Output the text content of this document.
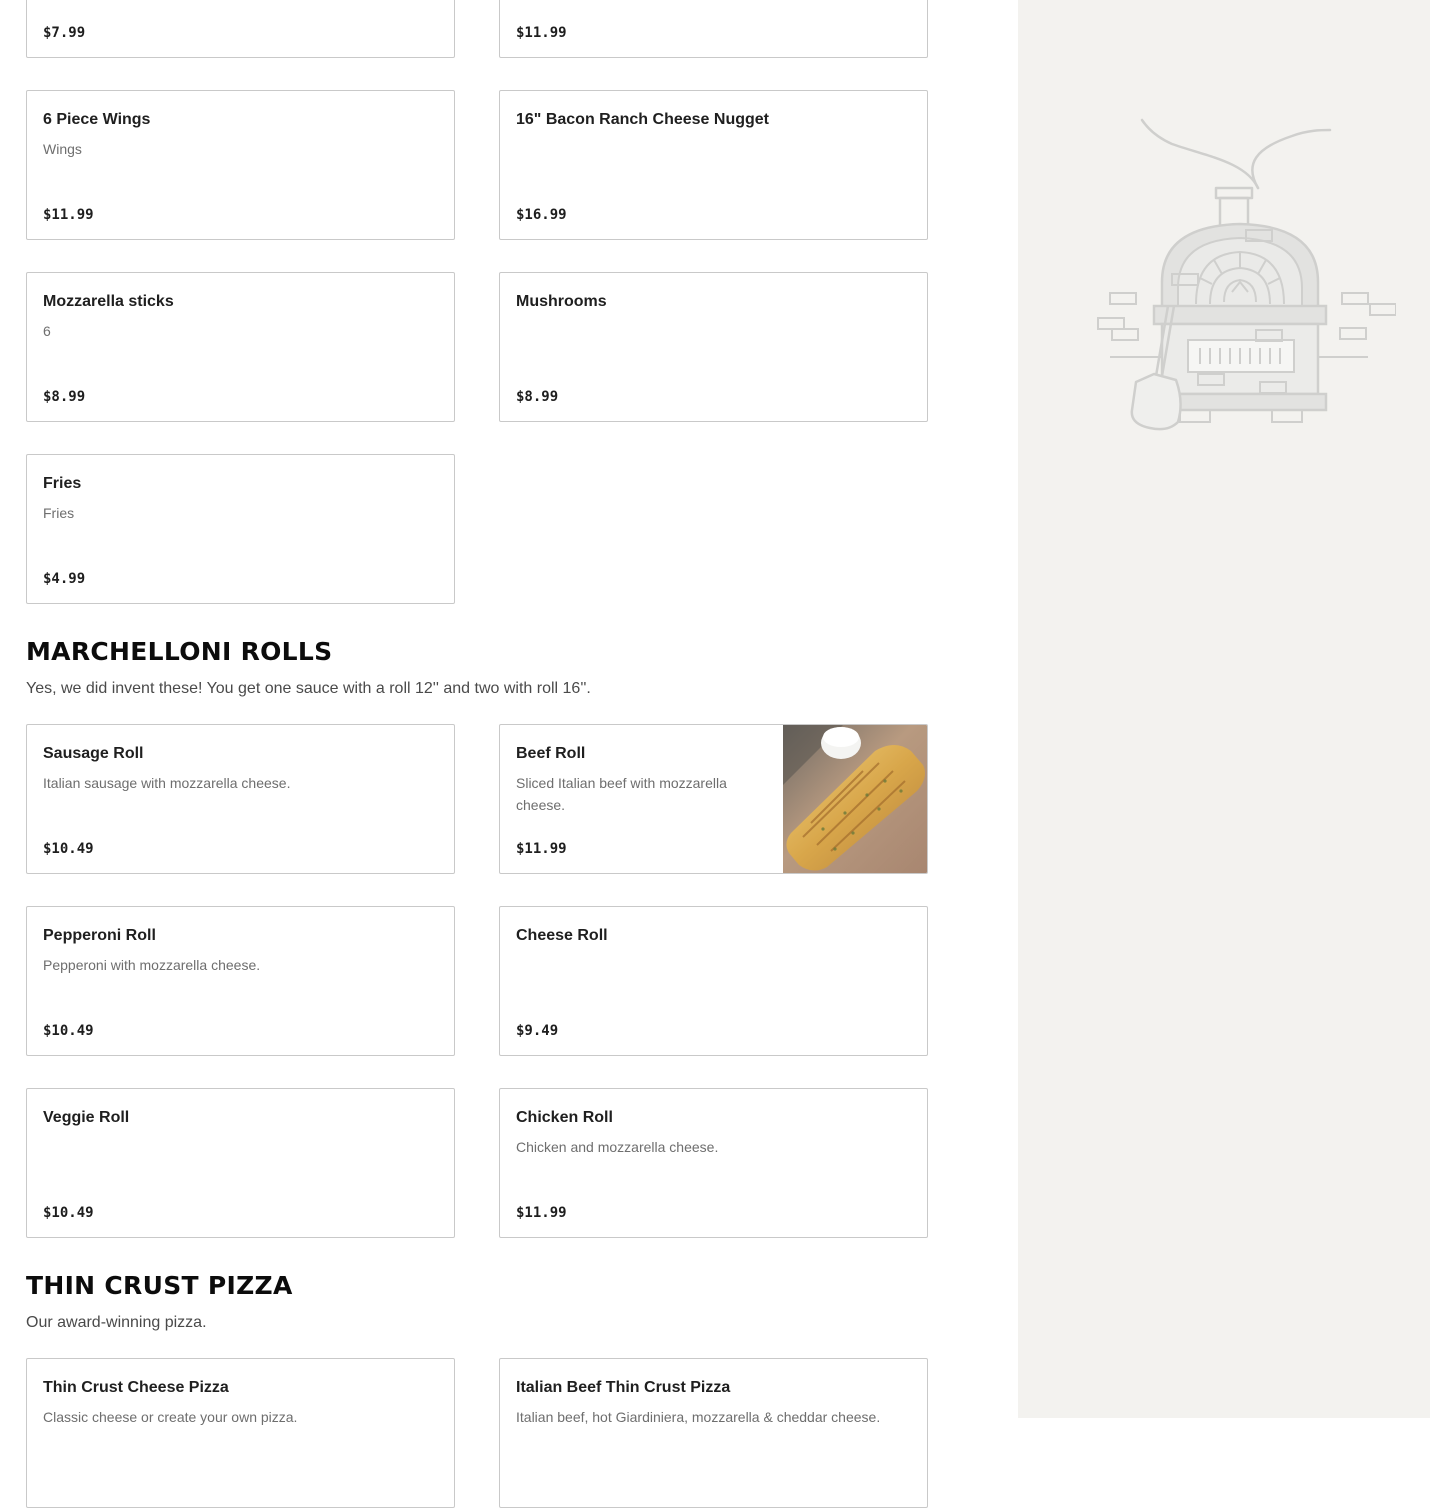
$7.99	$11.99
6 Piece Wings
Wings
$11.99
16" Bacon Ranch Cheese Nugget
$16.99
Mozzarella sticks
6
$8.99
Mushrooms
$8.99
Fries
Fries
$4.99
MARCHELLONI ROLLS

Yes, we did invent these! You get one sauce with a roll 12'' and two with roll 16''.

Sausage Roll
Italian sausage with mozzarella cheese.
$10.49
Beef Roll
Sliced Italian beef with mozzarella cheese.
$11.99
Pepperoni Roll
Pepperoni with mozzarella cheese.
$10.49
Cheese Roll
$9.49
Veggie Roll
$10.49
Chicken Roll
Chicken and mozzarella cheese.
$11.99
THIN CRUST PIZZA

Our award-winning pizza.

Thin Crust Cheese Pizza
Classic cheese or create your own pizza.
Italian Beef Thin Crust Pizza
Italian beef, hot Giardiniera, mozzarella & cheddar cheese.
